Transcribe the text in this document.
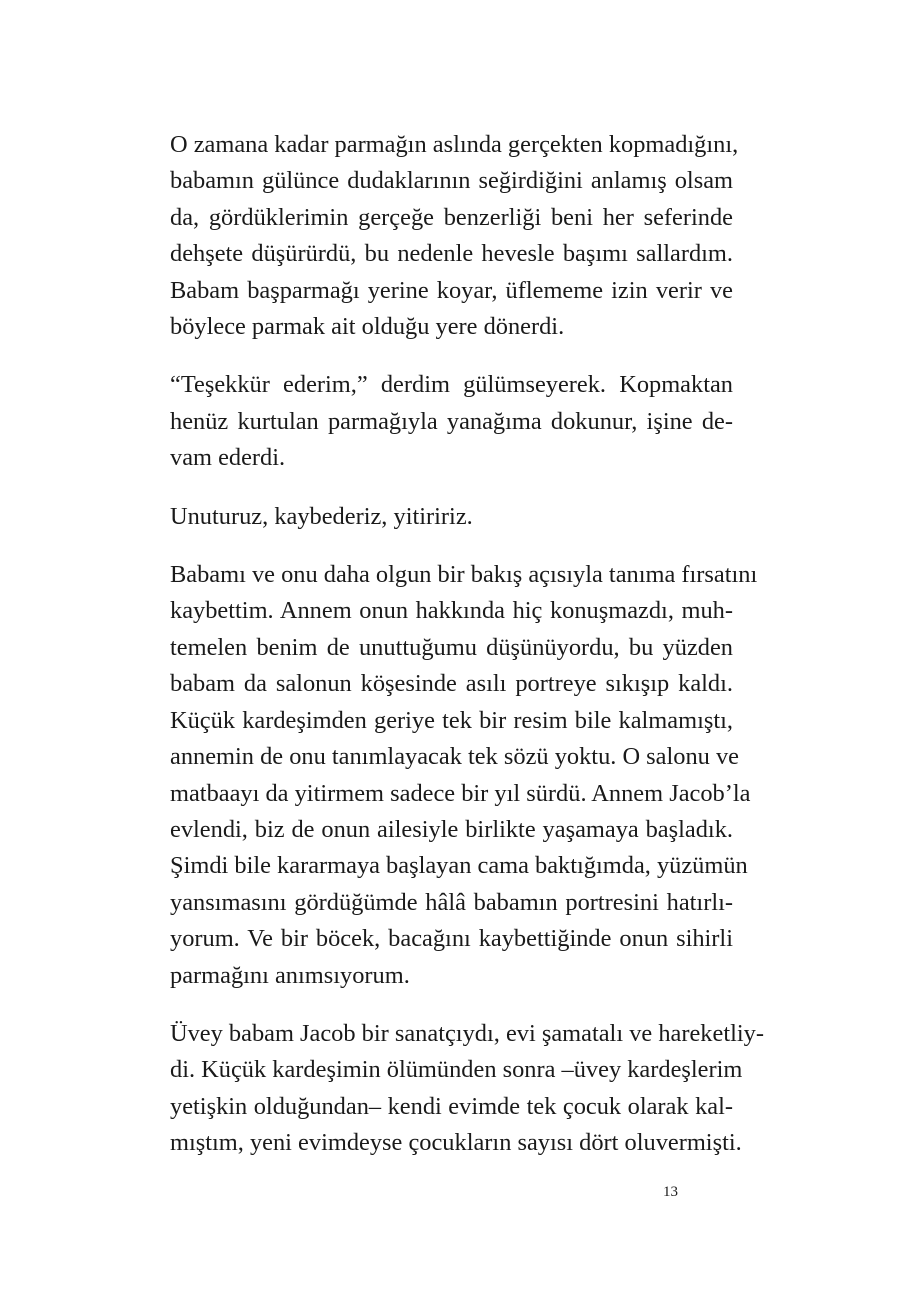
O zamana kadar parmağın aslında gerçekten kopmadığını,
babamın gülünce dudaklarının seğirdiğini anlamış olsam
da, gördüklerimin gerçeğe benzerliği beni her seferinde
dehşete düşürürdü, bu nedenle hevesle başımı sallardım.
Babam başparmağı yerine koyar, üflememe izin verir ve
böylece parmak ait olduğu yere dönerdi.

“Teşekkür ederim,” derdim gülümseyerek. Kopmaktan
henüz kurtulan parmağıyla yanağıma dokunur, işine de-
vam ederdi.

Unuturuz, kaybederiz, yitiririz.

Babamı ve onu daha olgun bir bakış açısıyla tanıma fırsatını
kaybettim. Annem onun hakkında hiç konuşmazdı, muh-
temelen benim de unuttuğumu düşünüyordu, bu yüzden
babam da salonun köşesinde asılı portreye sıkışıp kaldı.
Küçük kardeşimden geriye tek bir resim bile kalmamıştı,
annemin de onu tanımlayacak tek sözü yoktu. O salonu ve
matbaayı da yitirmem sadece bir yıl sürdü. Annem Jacob’la
evlendi, biz de onun ailesiyle birlikte yaşamaya başladık.
Şimdi bile kararmaya başlayan cama baktığımda, yüzümün
yansımasını gördüğümde hâlâ babamın portresini hatırlı-
yorum. Ve bir böcek, bacağını kaybettiğinde onun sihirli
parmağını anımsıyorum.

Üvey babam Jacob bir sanatçıydı, evi şamatalı ve hareketliy-
di. Küçük kardeşimin ölümünden sonra –üvey kardeşlerim
yetişkin olduğundan– kendi evimde tek çocuk olarak kal-
mıştım, yeni evimdeyse çocukların sayısı dört oluvermişti.

13
